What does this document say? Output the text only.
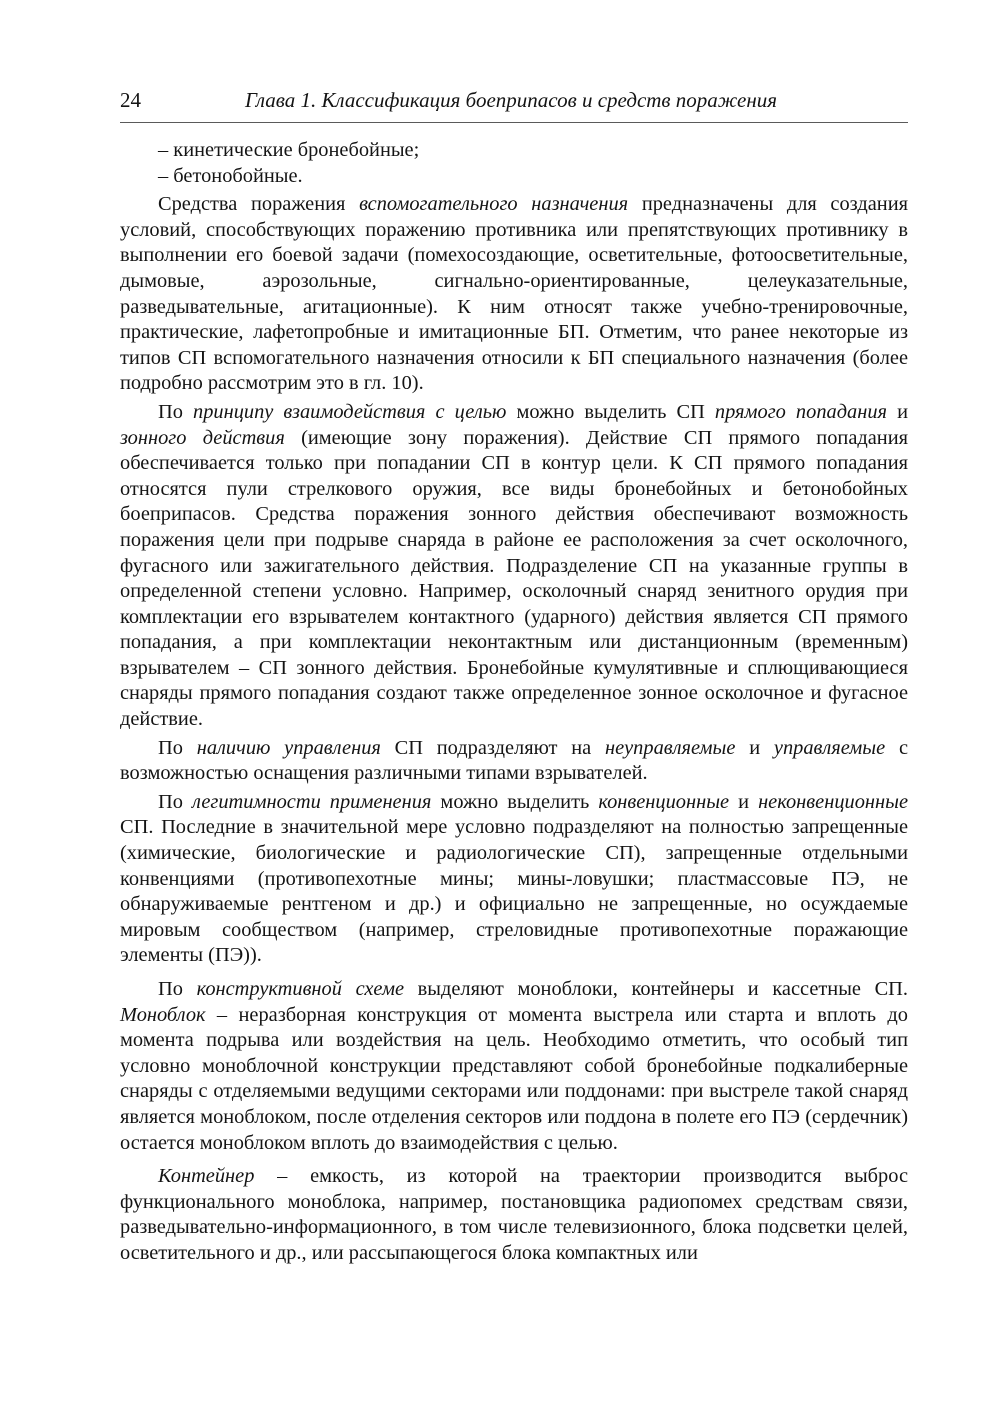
24	Глава 1. Классификация боеприпасов и средств поражения

– кинетические бронебойные;

– бетонобойные.

Средства поражения вспомогательного назначения предназначены для создания условий, способствующих поражению противника или препятствующих противнику в выполнении его боевой задачи (помехосоздающие, осветительные, фотоосветительные, дымовые, аэрозольные, сигнально-ориентированные, целеуказательные, разведывательные, агитационные). К ним относят также учебно-тренировочные, практические, лафетопробные и имитационные БП. Отметим, что ранее некоторые из типов СП вспомогательного назначения относили к БП специального назначения (более подробно рассмотрим это в гл. 10).

По принципу взаимодействия с целью можно выделить СП прямого попадания и зонного действия (имеющие зону поражения). Действие СП прямого попадания обеспечивается только при попадании СП в контур цели. К СП прямого попадания относятся пули стрелкового оружия, все виды бронебойных и бетонобойных боеприпасов. Средства поражения зонного действия обеспечивают возможность поражения цели при подрыве снаряда в районе ее расположения за счет осколочного, фугасного или зажигательного действия. Подразделение СП на указанные группы в определенной степени условно. Например, осколочный снаряд зенитного орудия при комплектации его взрывателем контактного (ударного) действия является СП прямого попадания, а при комплектации неконтактным или дистанционным (временным) взрывателем – СП зонного действия. Бронебойные кумулятивные и сплющивающиеся снаряды прямого попадания создают также определенное зонное осколочное и фугасное действие.

По наличию управления СП подразделяют на неуправляемые и управляемые с возможностью оснащения различными типами взрывателей.

По легитимности применения можно выделить конвенционные и неконвенционные СП. Последние в значительной мере условно подразделяют на полностью запрещенные (химические, биологические и радиологические СП), запрещенные отдельными конвенциями (противопехотные мины; мины-ловушки; пластмассовые ПЭ, не обнаруживаемые рентгеном и др.) и официально не запрещенные, но осуждаемые мировым сообществом (например, стреловидные противопехотные поражающие элементы (ПЭ)).

По конструктивной схеме выделяют моноблоки, контейнеры и кассетные СП. Моноблок – неразборная конструкция от момента выстрела или старта и вплоть до момента подрыва или воздействия на цель. Необходимо отметить, что особый тип условно моноблочной конструкции представляют собой бронебойные подкалиберные снаряды с отделяемыми ведущими секторами или поддонами: при выстреле такой снаряд является моноблоком, после отделения секторов или поддона в полете его ПЭ (сердечник) остается моноблоком вплоть до взаимодействия с целью.

Контейнер – емкость, из которой на траектории производится выброс функционального моноблока, например, постановщика радиопомех средствам связи, разведывательно-информационного, в том числе телевизионного, блока подсветки целей, осветительного и др., или рассыпающегося блока компактных или
